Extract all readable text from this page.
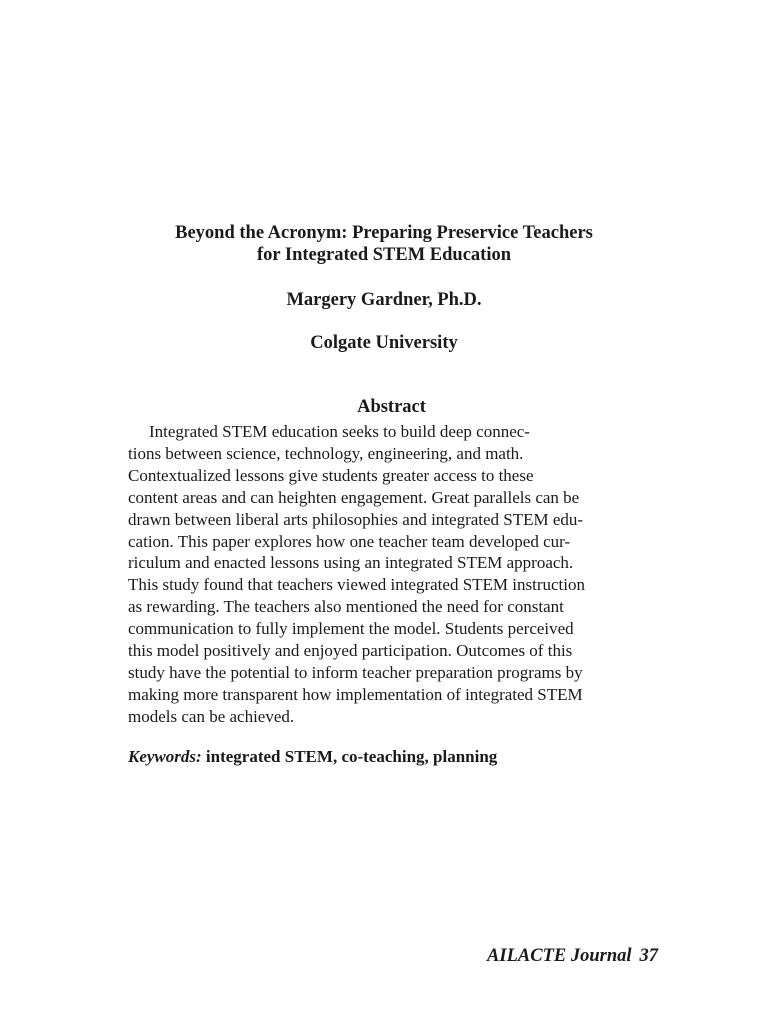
Beyond the Acronym: Preparing Preservice Teachers
for Integrated STEM Education
Margery Gardner, Ph.D.
Colgate University
Abstract
Integrated STEM education seeks to build deep connec-
tions between science, technology, engineering, and math.
Contextualized lessons give students greater access to these
content areas and can heighten engagement. Great parallels can be
drawn between liberal arts philosophies and integrated STEM edu-
cation. This paper explores how one teacher team developed cur-
riculum and enacted lessons using an integrated STEM approach.
This study found that teachers viewed integrated STEM instruction
as rewarding. The teachers also mentioned the need for constant
communication to fully implement the model. Students perceived
this model positively and enjoyed participation. Outcomes of this
study have the potential to inform teacher preparation programs by
making more transparent how implementation of integrated STEM
models can be achieved.
Keywords: integrated STEM, co-teaching, planning
AILACTE Journal 37
